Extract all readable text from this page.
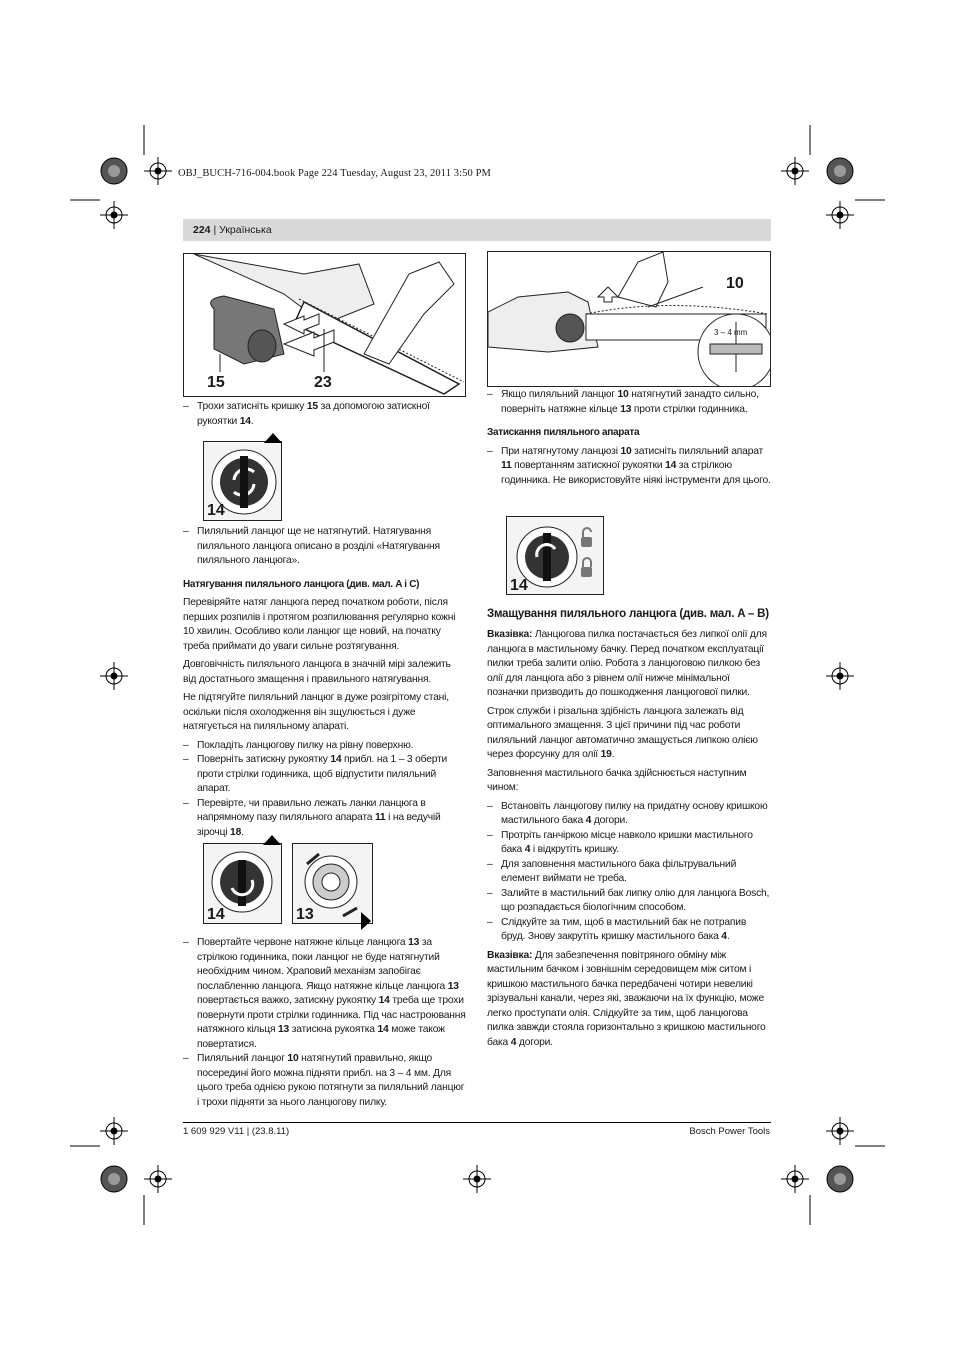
OBJ_BUCH-716-004.book Page 224 Tuesday, August 23, 2011 3:50 PM
224 | Українська
15	23
10
3 – 4 mm
14
14
14	13
– Трохи затисніть кришку 15 за допомогою затискної рукоятки 14.
– Пиляльний ланцюг ще не натягнутий. Натягування пиляльного ланцюга описано в розділі «Натягування пиляльного ланцюга».
Натягування пиляльного ланцюга (див. мал. A і C)

Перевіряйте натяг ланцюга перед початком роботи, після перших розпилів і протягом розпилювання регулярно кожні 10 хвилин. Особливо коли ланцюг ще новий, на початку треба приймати до уваги сильне розтягування.

Довговічність пиляльного ланцюга в значній мірі залежить від достатнього змащення і правильного натягування.

Не підтягуйте пиляльний ланцюг в дуже розігрітому стані, оскільки після охолодження він зщулюється і дуже натягується на пиляльному апараті.

– Покладіть ланцюгову пилку на рівну поверхню.
– Поверніть затискну рукоятку 14 прибл. на 1 – 3 оберти проти стрілки годинника, щоб відпустити пиляльний апарат.
– Перевірте, чи правильно лежать ланки ланцюга в напрямному пазу пиляльного апарата 11 і на ведучій зірочці 18.
– Повертайте червоне натяжне кільце ланцюга 13 за стрілкою годинника, поки ланцюг не буде натягнутий необхідним чином. Храповий механізм запобігає послабленню ланцюга. Якщо натяжне кільце ланцюга 13 повертається важко, затискну рукоятку 14 треба ще трохи повернути проти стрілки годинника. Під час настроювання натяжного кільця 13 затискна рукоятка 14 може також повертатися.
– Пиляльний ланцюг 10 натягнутий правильно, якщо посередині його можна підняти прибл. на 3 – 4 мм. Для цього треба однією рукою потягнути за пиляльний ланцюг і трохи підняти за нього ланцюгову пилку.
– Якщо пиляльний ланцюг 10 натягнутий занадто сильно, поверніть натяжне кільце 13 проти стрілки годинника.
Затискання пиляльного апарата
– При натягнутому ланцюзі 10 затисніть пиляльний апарат 11 повертанням затискної рукоятки 14 за стрілкою годинника. Не використовуйте ніякі інструменти для цього.
Змащування пиляльного ланцюга (див. мал. A – B)

Вказівка: Ланцюгова пилка постачається без липкої олії для ланцюга в мастильному бачку. Перед початком експлуатації пилки треба залити олію. Робота з ланцюговою пилкою без олії для ланцюга або з рівнем олії нижче мінімальної позначки призводить до пошкодження ланцюгової пилки.

Строк служби і різальна здібність ланцюга залежать від оптимального змащення. З цієї причини під час роботи пиляльний ланцюг автоматично змащується липкою олією через форсунку для олії 19.

Заповнення мастильного бачка здійснюється наступним чином:

– Встановіть ланцюгову пилку на придатну основу кришкою мастильного бака 4 догори.
– Протріть ганчіркою місце навколо кришки мастильного бака 4 і відкрутіть кришку.
– Для заповнення мастильного бака фільтрувальний елемент виймати не треба.
– Залийте в мастильний бак липку олію для ланцюга Bosch, що розпадається біологічним способом.
– Слідкуйте за тим, щоб в мастильний бак не потрапив бруд. Знову закрутіть кришку мастильного бака 4.

Вказівка: Для забезпечення повітряного обміну між мастильним бачком і зовнішнім середовищем між ситом і кришкою мастильного бачка передбачені чотири невеликі зрізувальні канали, через які, зважаючи на їх функцію, може легко проступати олія. Слідкуйте за тим, щоб ланцюгова пилка завжди стояла горизонтально з кришкою мастильного бака 4 догори.

1 609 929 V11 | (23.8.11)	Bosch Power Tools
